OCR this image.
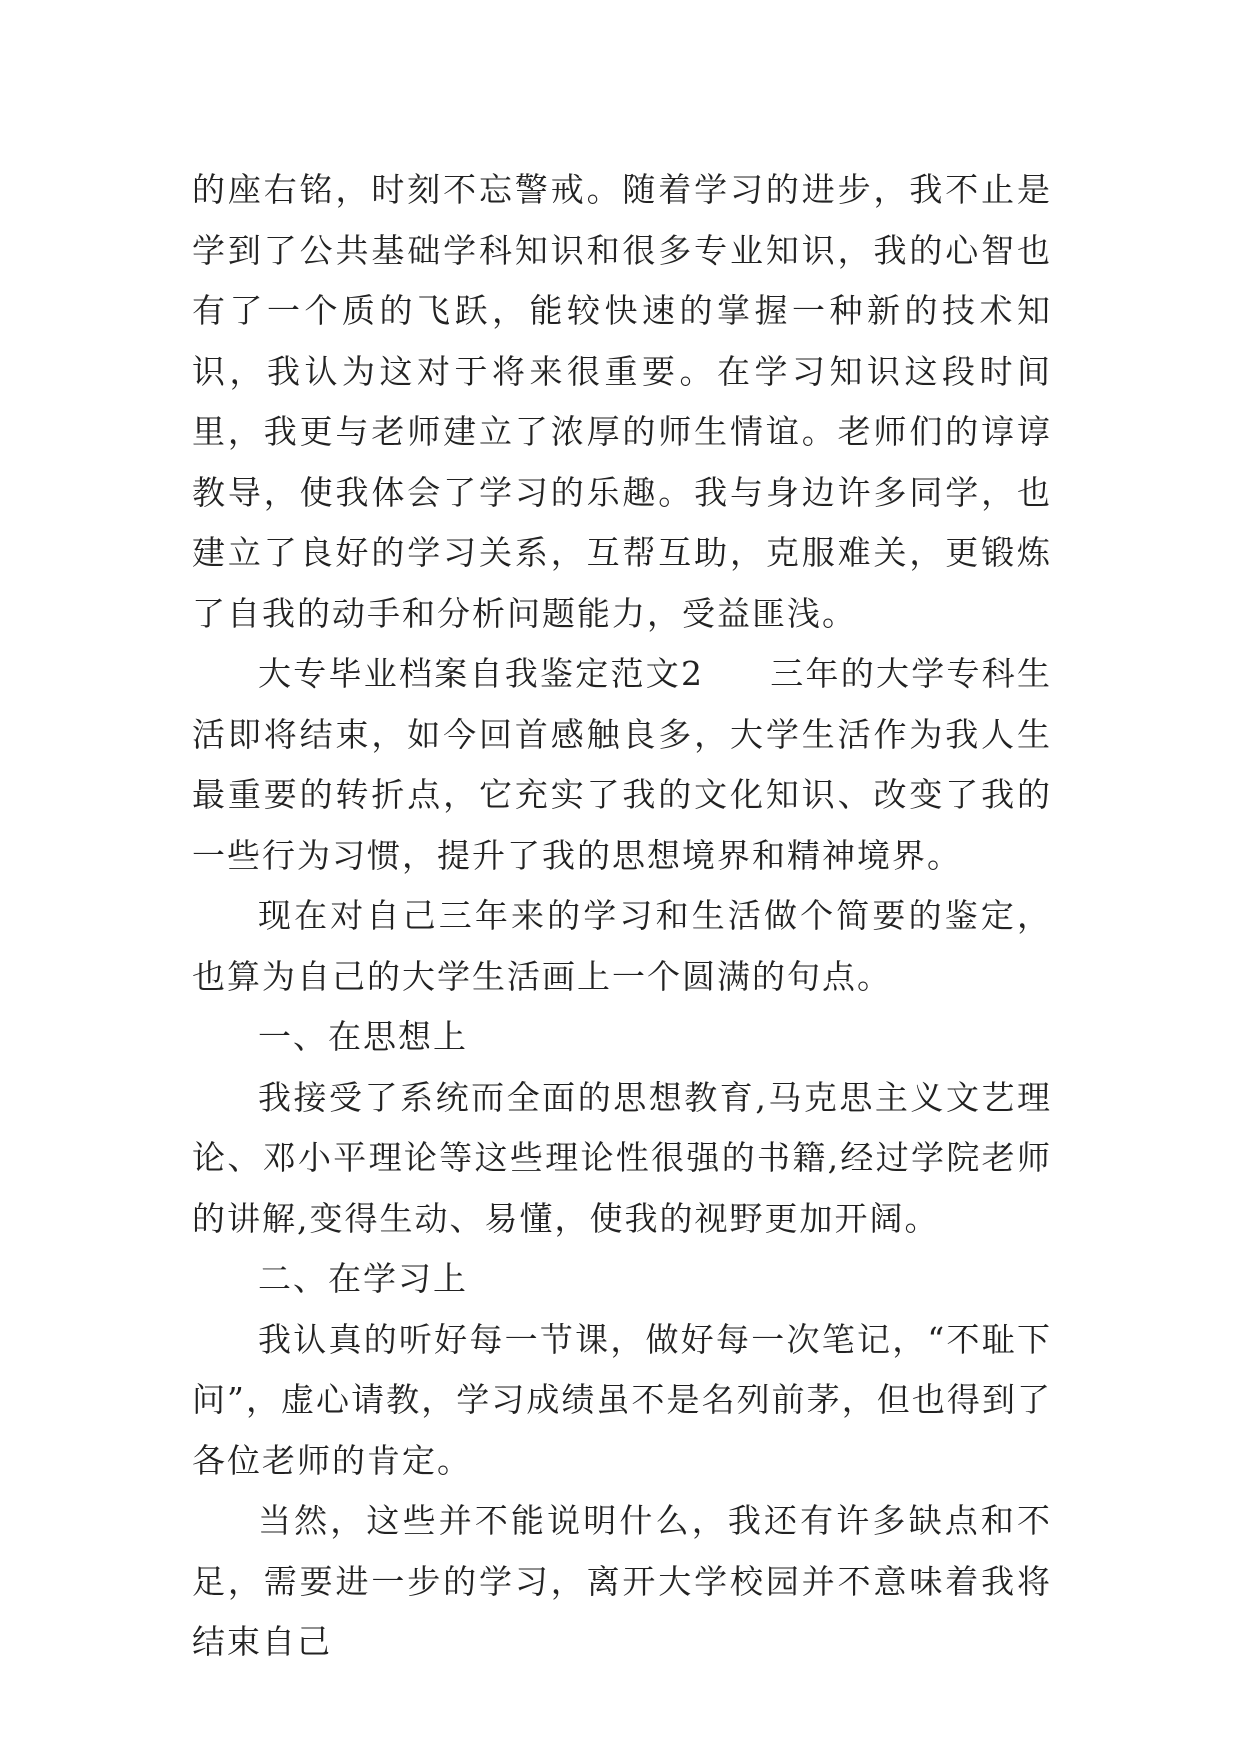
的座右铭，时刻不忘警戒。随着学习的进步，我不止是学到了公共基础学科知识和很多专业知识，我的心智也有了一个质的飞跃，能较快速的掌握一种新的技术知识，我认为这对于将来很重要。在学习知识这段时间里，我更与老师建立了浓厚的师生情谊。老师们的谆谆教导，使我体会了学习的乐趣。我与身边许多同学，也建立了良好的学习关系，互帮互助，克服难关，更锻炼了自我的动手和分析问题能力，受益匪浅。

大专毕业档案自我鉴定范文2 三年的大学专科生活即将结束，如今回首感触良多，大学生活作为我人生最重要的转折点，它充实了我的文化知识、改变了我的一些行为习惯，提升了我的思想境界和精神境界。

现在对自己三年来的学习和生活做个简要的鉴定，也算为自己的大学生活画上一个圆满的句点。

一、在思想上

我接受了系统而全面的思想教育,马克思主义文艺理论、邓小平理论等这些理论性很强的书籍,经过学院老师的讲解,变得生动、易懂，使我的视野更加开阔。

二、在学习上

我认真的听好每一节课，做好每一次笔记，“不耻下问”，虚心请教，学习成绩虽不是名列前茅，但也得到了各位老师的肯定。

当然，这些并不能说明什么，我还有许多缺点和不足，需要进一步的学习，离开大学校园并不意味着我将结束自己
